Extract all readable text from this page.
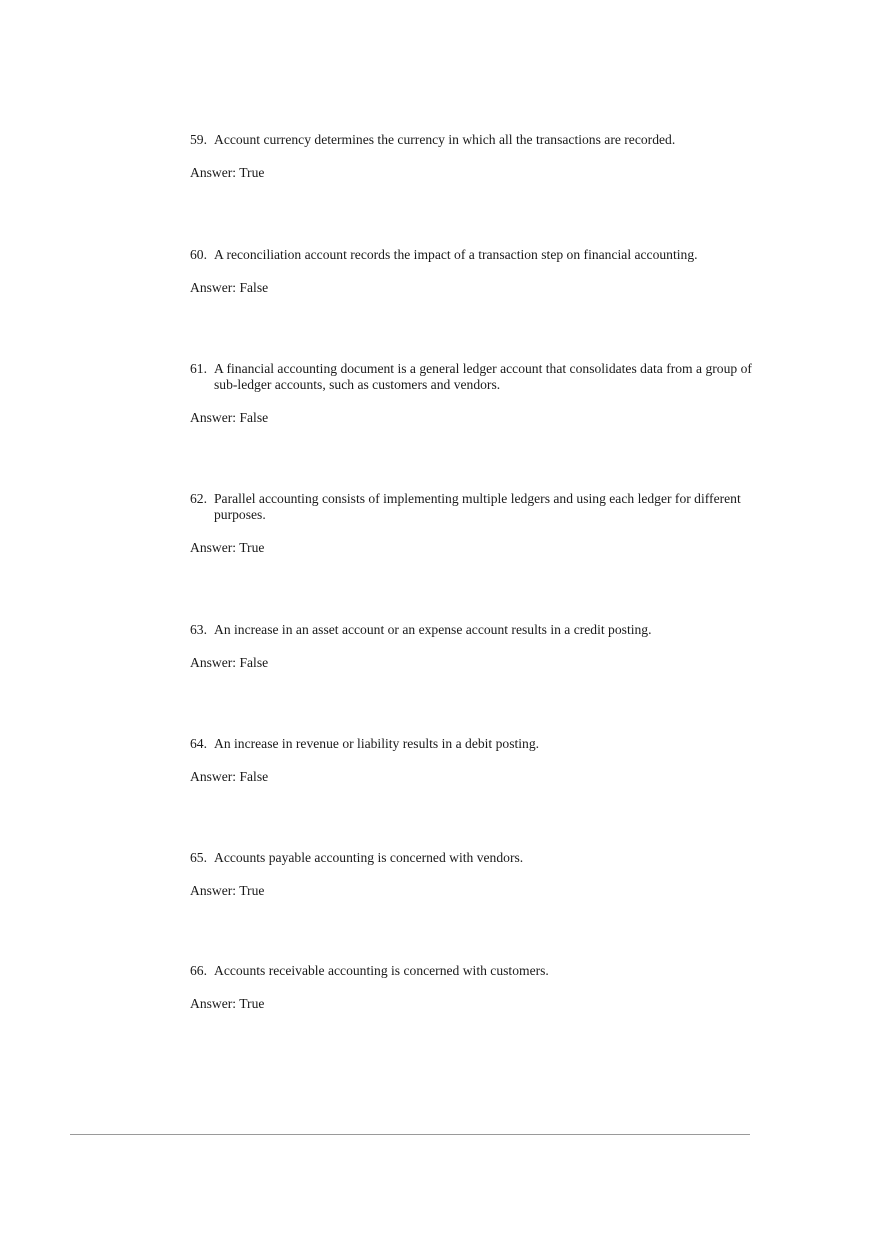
59. Account currency determines the currency in which all the transactions are recorded.
Answer: True
60. A reconciliation account records the impact of a transaction step on financial accounting.
Answer: False
61. A financial accounting document is a general ledger account that consolidates data from a group of sub-ledger accounts, such as customers and vendors.
Answer: False
62. Parallel accounting consists of implementing multiple ledgers and using each ledger for different purposes.
Answer: True
63. An increase in an asset account or an expense account results in a credit posting.
Answer: False
64. An increase in revenue or liability results in a debit posting.
Answer: False
65. Accounts payable accounting is concerned with vendors.
Answer: True
66. Accounts receivable accounting is concerned with customers.
Answer: True
